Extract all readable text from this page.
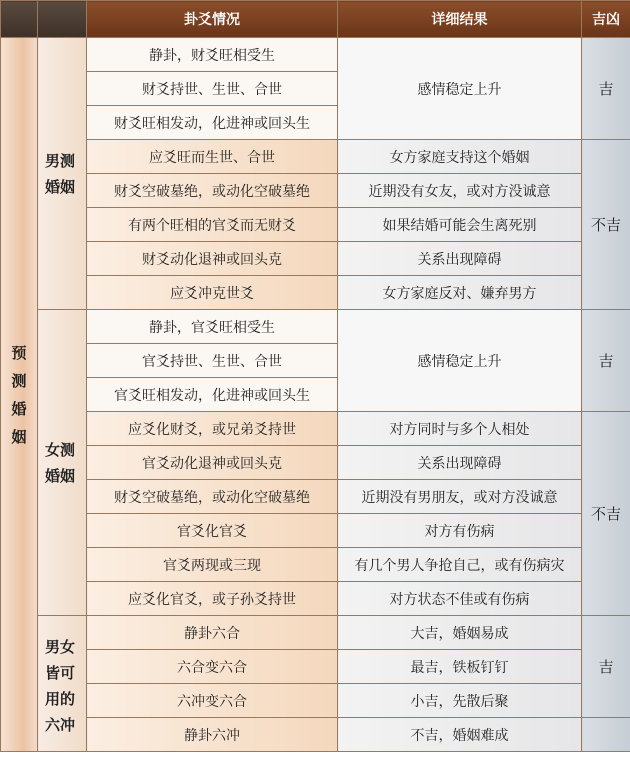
		卦爻情况	详细结果	吉凶
预测婚姻	男测婚姻	静卦，财爻旺相受生	感情稳定上升	吉
		财爻持世、生世、合世		
		财爻旺相发动，化进神或回头生		
		应爻旺而生世、合世	女方家庭支持这个婚姻	不吉
		财爻空破墓绝，或动化空破墓绝	近期没有女友，或对方没诚意	
		有两个旺相的官爻而无财爻	如果结婚可能会生离死别	
		财爻动化退神或回头克	关系出现障碍	
		应爻冲克世爻	女方家庭反对、嫌弃男方	
	女测婚姻	静卦，官爻旺相受生	感情稳定上升	吉
		官爻持世、生世、合世		
		官爻旺相发动，化进神或回头生		
		应爻化财爻，或兄弟爻持世	对方同时与多个人相处	不吉
		官爻动化退神或回头克	关系出现障碍	
		财爻空破墓绝，或动化空破墓绝	近期没有男朋友，或对方没诚意	
		官爻化官爻	对方有伤病	
		官爻两现或三现	有几个男人争抢自己，或有伤病灾	
		应爻化官爻，或子孙爻持世	对方状态不佳或有伤病	
	男女皆可用的六冲	静卦六合	大吉，婚姻易成	吉
		六合变六合	最吉，铁板钉钉	
		六冲变六合	小吉，先散后聚	
		静卦六冲	不吉，婚姻难成	
